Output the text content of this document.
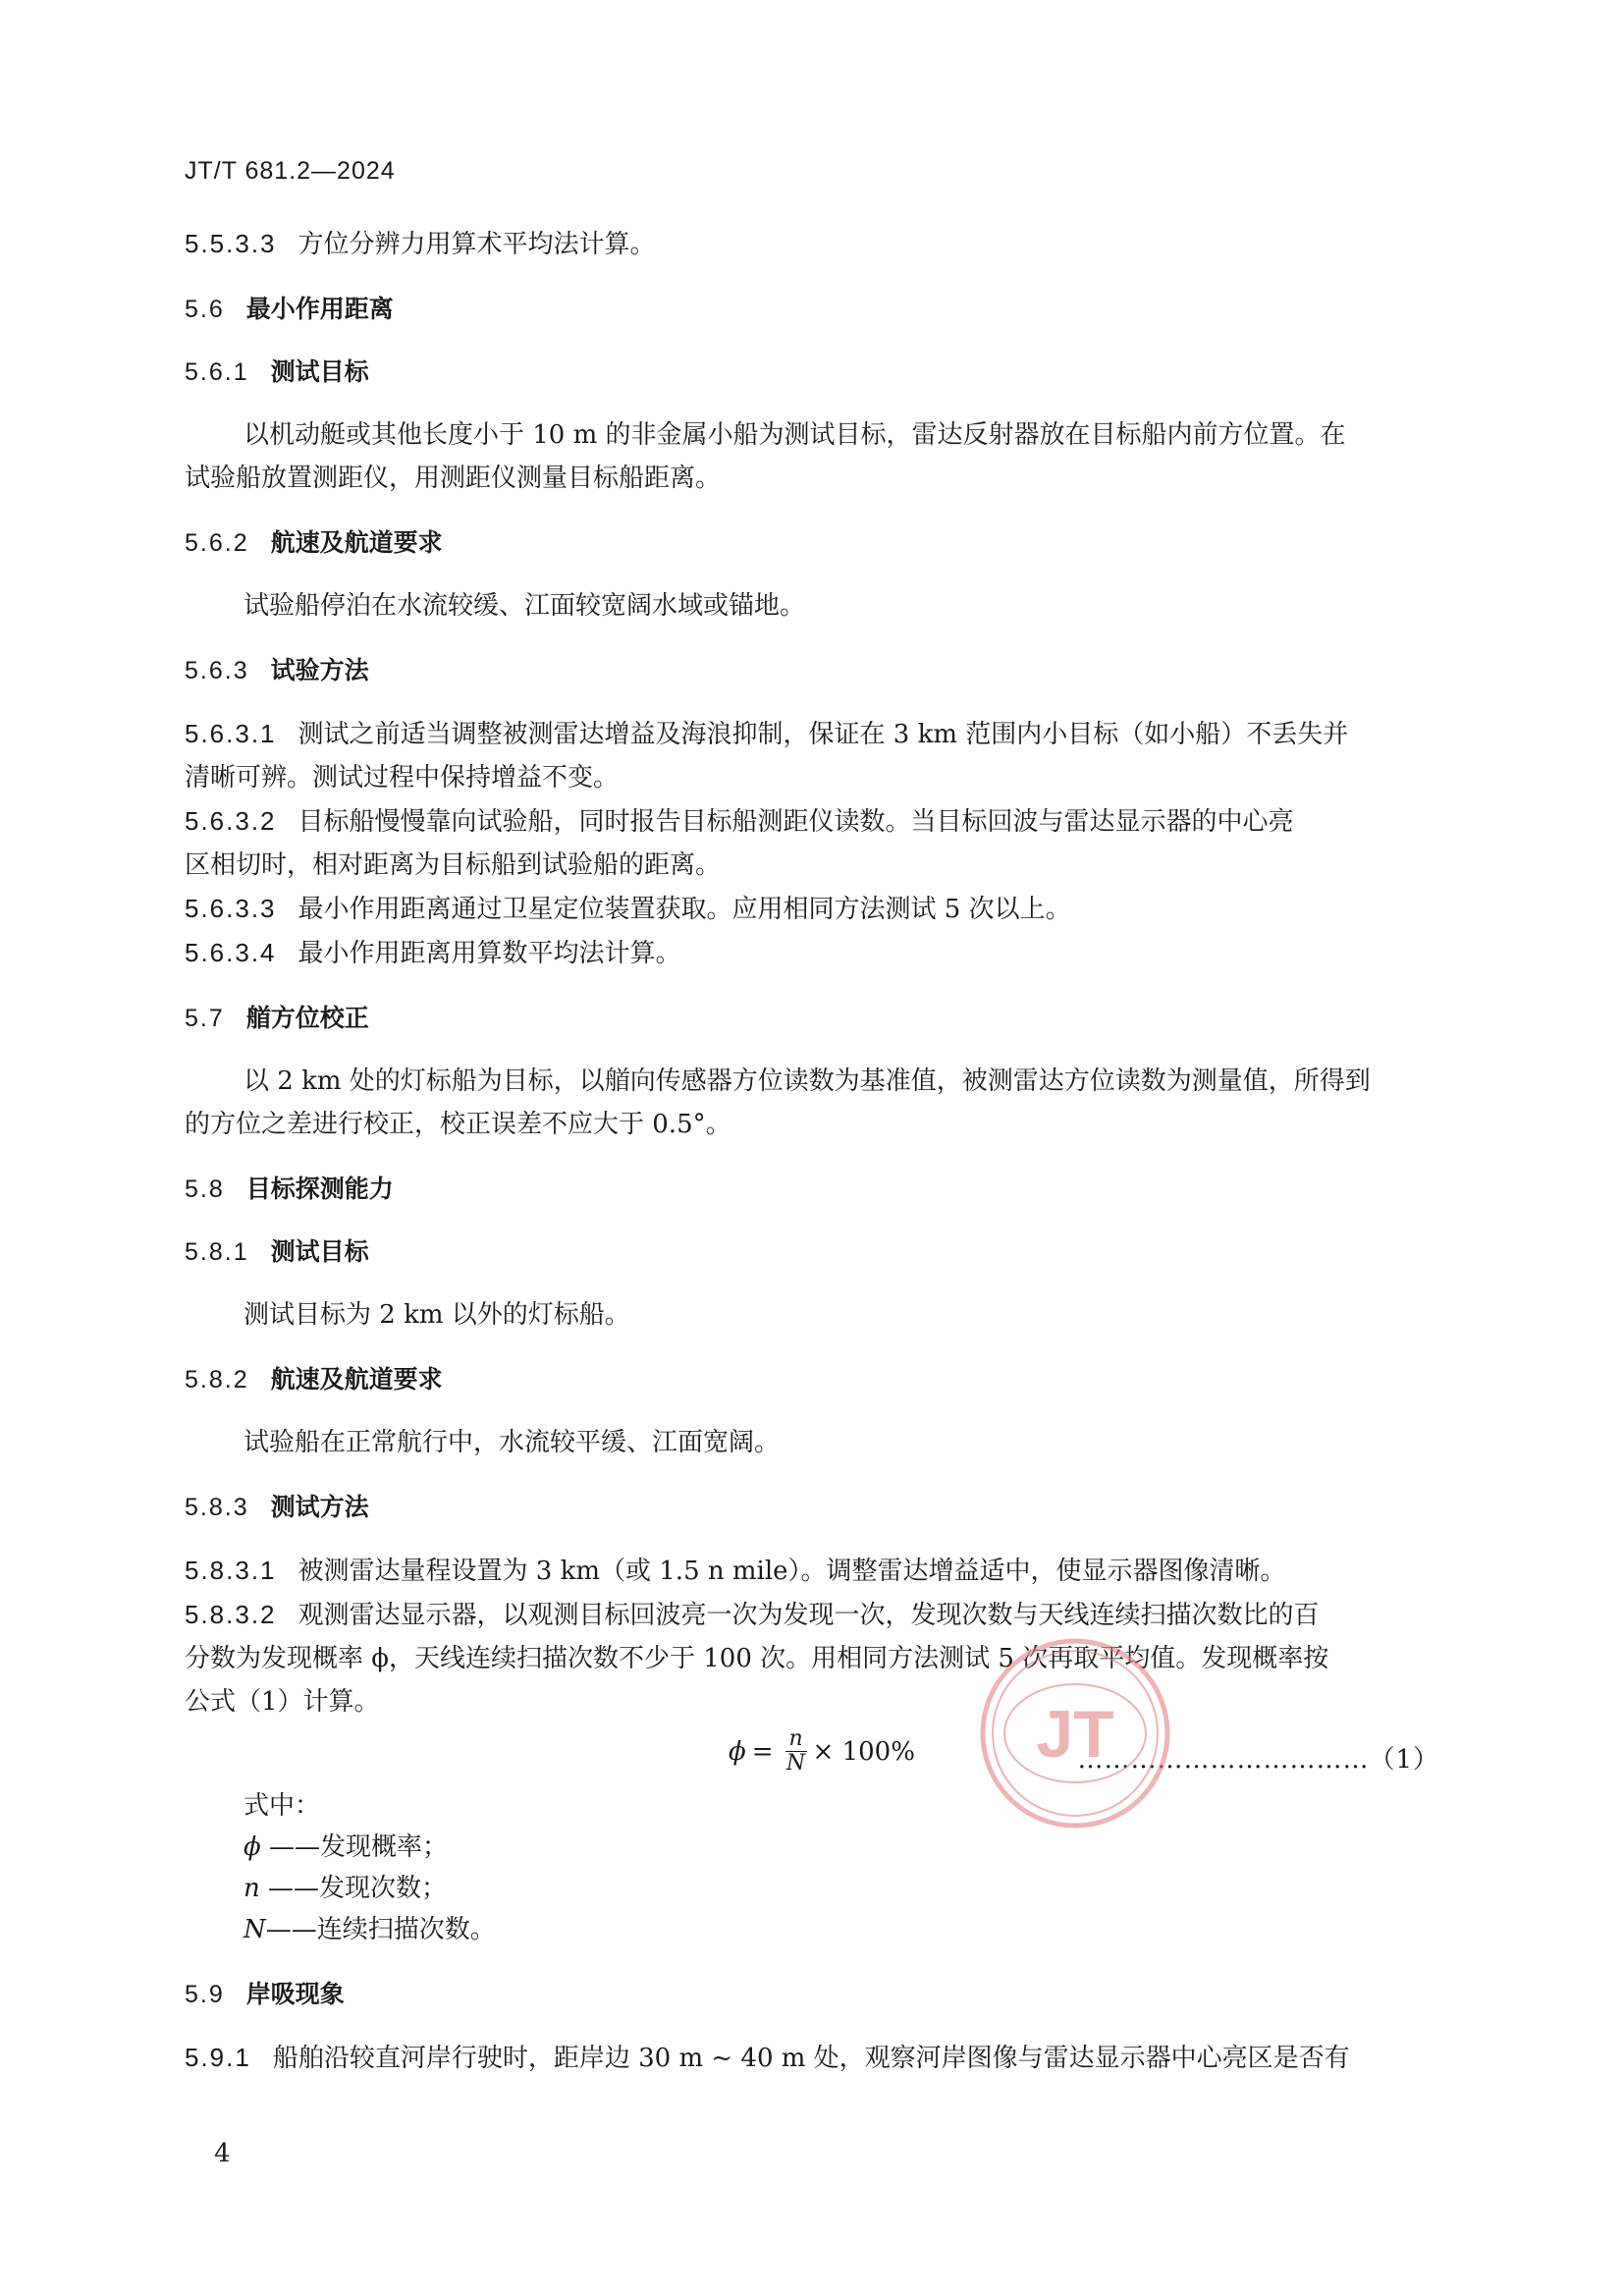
JT/T 681.2—2024
5.5.3.3 方位分辨力用算术平均法计算。
5.6 最小作用距离
5.6.1 测试目标
以机动艇或其他长度小于 10 m 的非金属小船为测试目标，雷达反射器放在目标船内前方位置。在
试验船放置测距仪，用测距仪测量目标船距离。
5.6.2 航速及航道要求
试验船停泊在水流较缓、江面较宽阔水域或锚地。
5.6.3 试验方法
5.6.3.1 测试之前适当调整被测雷达增益及海浪抑制，保证在 3 km 范围内小目标（如小船）不丢失并
清晰可辨。测试过程中保持增益不变。
5.6.3.2 目标船慢慢靠向试验船，同时报告目标船测距仪读数。当目标回波与雷达显示器的中心亮
区相切时，相对距离为目标船到试验船的距离。
5.6.3.3 最小作用距离通过卫星定位装置获取。应用相同方法测试 5 次以上。
5.6.3.4 最小作用距离用算数平均法计算。
5.7 艏方位校正
以 2 km 处的灯标船为目标，以艏向传感器方位读数为基准值，被测雷达方位读数为测量值，所得到
的方位之差进行校正，校正误差不应大于 0.5°。
5.8 目标探测能力
5.8.1 测试目标
测试目标为 2 km 以外的灯标船。
5.8.2 航速及航道要求
试验船在正常航行中，水流较平缓、江面宽阔。
5.8.3 测试方法
5.8.3.1 被测雷达量程设置为 3 km（或 1.5 n mile）。调整雷达增益适中，使显示器图像清晰。
5.8.3.2 观测雷达显示器，以观测目标回波亮一次为发现一次，发现次数与天线连续扫描次数比的百
分数为发现概率 ϕ，天线连续扫描次数不少于 100 次。用相同方法测试 5 次再取平均值。发现概率按
公式（1）计算。
$\phi = \frac{n}{N} \times 100\%$	……………………………（1）
式中：
ϕ ——发现概率；
n ——发现次数；
N——连续扫描次数。
5.9 岸吸现象
5.9.1 船舶沿较直河岸行驶时，距岸边 30 m ~ 40 m 处，观察河岸图像与雷达显示器中心亮区是否有
JT
4
